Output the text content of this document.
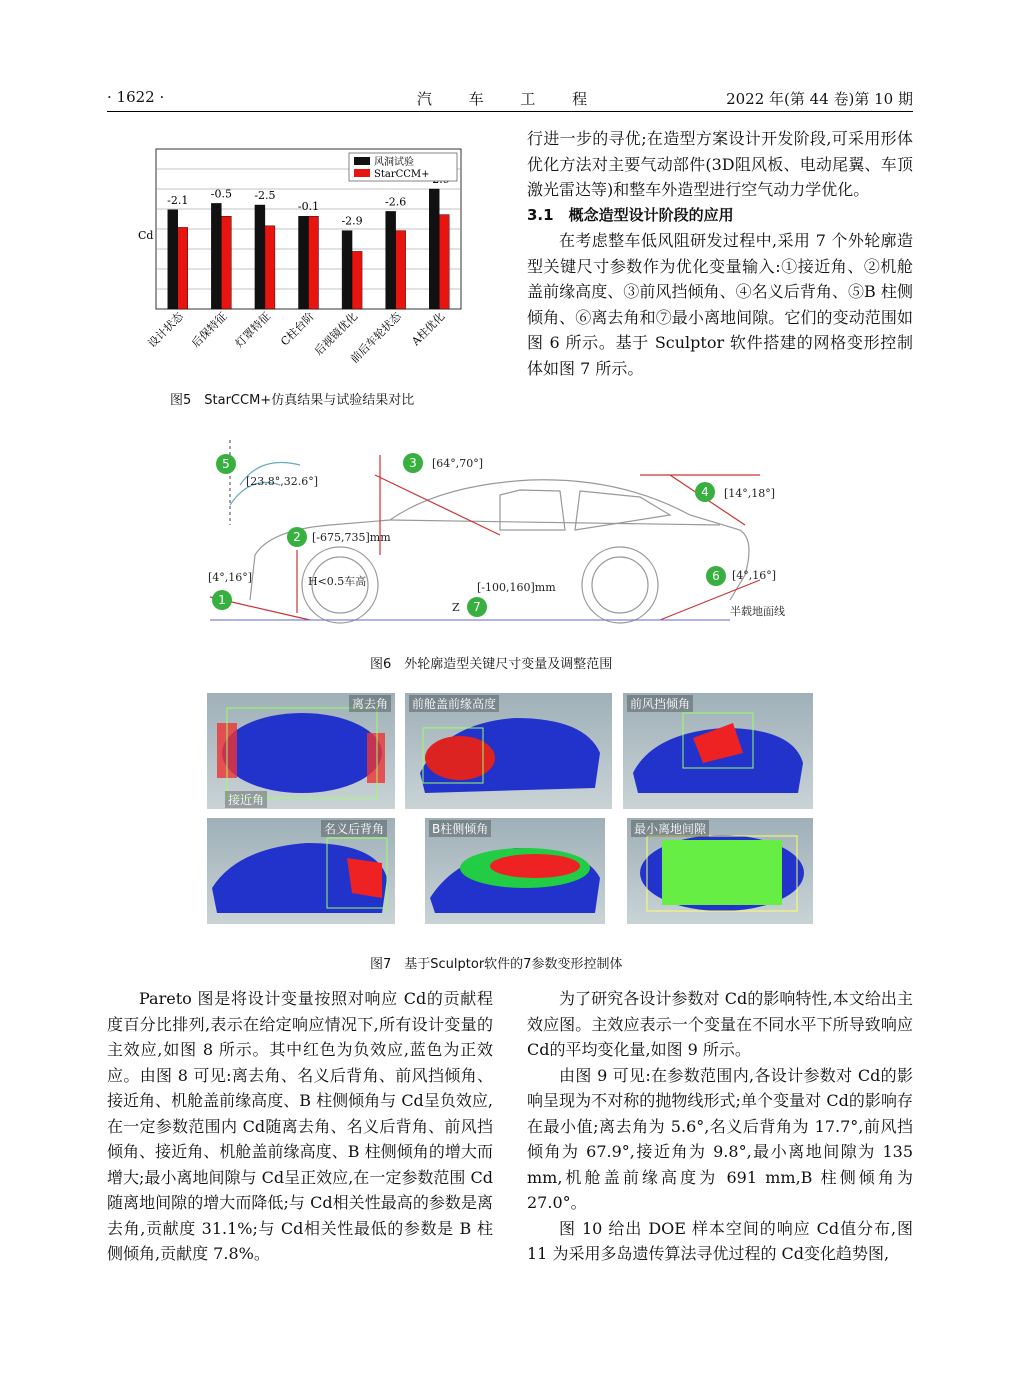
· 1622 ·	汽 车 工 程	2022 年(第 44 卷)第 10 期
Cd
-2.1
设计状态
-0.5
后保特征
-2.5
灯罩特征
-0.1
C柱台阶
-2.9
后视镜优化
-2.6
前后车轮状态 A柱优化
风洞试验
StarCCM+
图5　StarCCM+仿真结果与试验结果对比

行进一步的寻优;在造型方案设计开发阶段,可采用形体优化方法对主要气动部件(3D阻风板、电动尾翼、车顶激光雷达等)和整车外造型进行空气动力学优化。

3.1　概念造型设计阶段的应用

在考虑整车低风阻研发过程中,采用 7 个外轮廓造型关键尺寸参数作为优化变量输入:①接近角、②机舱盖前缘高度、③前风挡倾角、④名义后背角、⑤B 柱侧倾角、⑥离去角和⑦最小离地间隙。它们的变动范围如图 6 所示。基于 Sculptor 软件搭建的网格变形控制体如图 7 所示。

1
2
3
4
5
6
7
[23.8°,32.6°]
[64°,70°]
[14°,18°]
[-675,735]mm
[4°,16°]	[4°,16°]
[-100,160]mm
H<0.5车高
Z	半载地面线
图6　外轮廓造型关键尺寸变量及调整范围
离去角
接近角
前舱盖前缘高度	前风挡倾角
名义后背角	B柱侧倾角	最小离地间隙
图7　基于Sculptor软件的7参数变形控制体

Pareto 图是将设计变量按照对响应 Cd的贡献程度百分比排列,表示在给定响应情况下,所有设计变量的主效应,如图 8 所示。其中红色为负效应,蓝色为正效应。由图 8 可见:离去角、名义后背角、前风挡倾角、接近角、机舱盖前缘高度、B 柱侧倾角与 Cd呈负效应,在一定参数范围内 Cd随离去角、名义后背角、前风挡倾角、接近角、机舱盖前缘高度、B 柱侧倾角的增大而增大;最小离地间隙与 Cd呈正效应,在一定参数范围 Cd随离地间隙的增大而降低;与 Cd相关性最高的参数是离去角,贡献度 31.1%;与 Cd相关性最低的参数是 B 柱侧倾角,贡献度 7.8%。

为了研究各设计参数对 Cd的影响特性,本文给出主效应图。主效应表示一个变量在不同水平下所导致响应 Cd的平均变化量,如图 9 所示。

由图 9 可见:在参数范围内,各设计参数对 Cd的影响呈现为不对称的抛物线形式;单个变量对 Cd的影响存在最小值;离去角为 5.6°,名义后背角为 17.7°,前风挡倾角为 67.9°,接近角为 9.8°,最小离地间隙为 135 mm,机舱盖前缘高度为 691 mm,B 柱侧倾角为 27.0°。

图 10 给出 DOE 样本空间的响应 Cd值分布,图 11 为采用多岛遗传算法寻优过程的 Cd变化趋势图,
